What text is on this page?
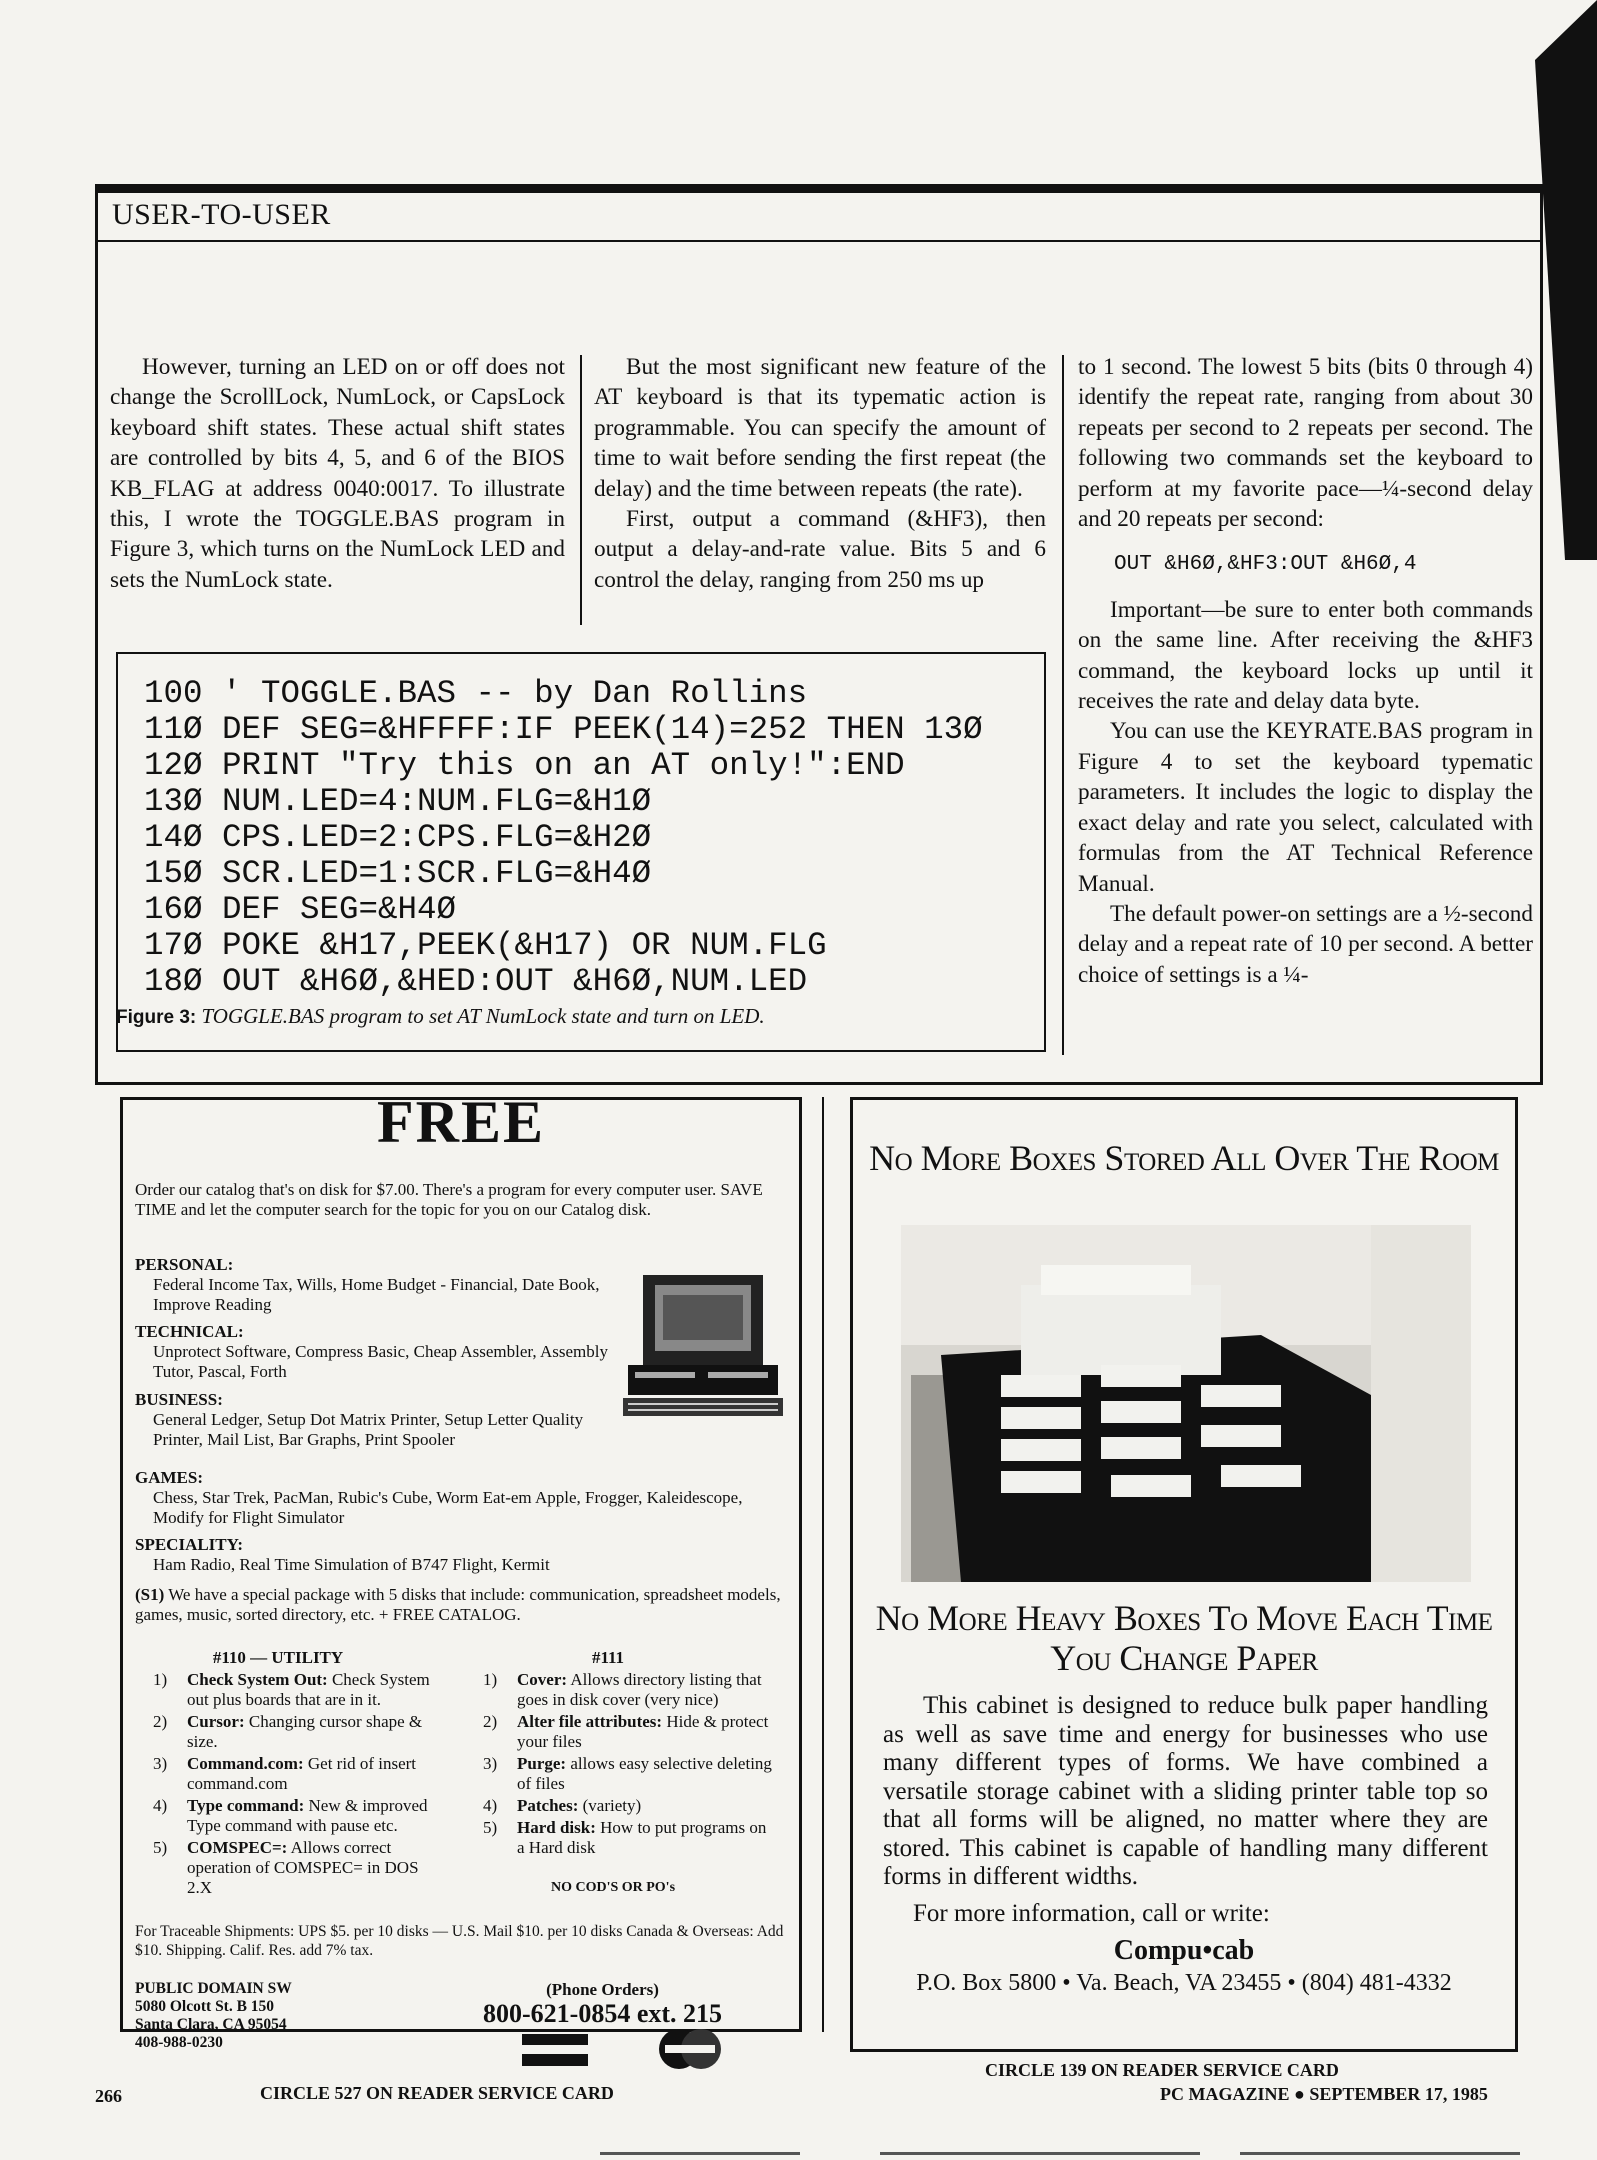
USER-TO-USER

However, turning an LED on or off does not change the ScrollLock, NumLock, or CapsLock keyboard shift states. These actual shift states are controlled by bits 4, 5, and 6 of the BIOS KB_FLAG at address 0040:0017. To illustrate this, I wrote the TOGGLE.BAS program in Figure 3, which turns on the NumLock LED and sets the NumLock state.

But the most significant new feature of the AT keyboard is that its typematic action is programmable. You can specify the amount of time to wait before sending the first repeat (the delay) and the time between repeats (the rate).

First, output a command (&HF3), then output a delay-and-rate value. Bits 5 and 6 control the delay, ranging from 250 ms up

to 1 second. The lowest 5 bits (bits 0 through 4) identify the repeat rate, ranging from about 30 repeats per second to 2 repeats per second. The following two commands set the keyboard to perform at my favorite pace—¼-second delay and 20 repeats per second:

OUT &H6Ø,&HF3:OUT &H6Ø,4

Important—be sure to enter both commands on the same line. After receiving the &HF3 command, the keyboard locks up until it receives the rate and delay data byte.

You can use the KEYRATE.BAS program in Figure 4 to set the keyboard typematic parameters. It includes the logic to display the exact delay and rate you select, calculated with formulas from the AT Technical Reference Manual.

The default power-on settings are a ½-second delay and a repeat rate of 10 per second. A better choice of settings is a ¼-

100 ' TOGGLE.BAS -- by Dan Rollins
11Ø DEF SEG=&HFFFF:IF PEEK(14)=252 THEN 13Ø
12Ø PRINT "Try this on an AT only!":END
13Ø NUM.LED=4:NUM.FLG=&H1Ø
14Ø CPS.LED=2:CPS.FLG=&H2Ø
15Ø SCR.LED=1:SCR.FLG=&H4Ø
16Ø DEF SEG=&H4Ø
17Ø POKE &H17,PEEK(&H17) OR NUM.FLG
18Ø OUT &H6Ø,&HED:OUT &H6Ø,NUM.LED
Figure 3: TOGGLE.BAS program to set AT NumLock state and turn on LED.
FREE
Order our catalog that's on disk for $7.00. There's a program for every computer user. SAVE TIME and let the computer search for the topic for you on our Catalog disk.
PERSONAL:
Federal Income Tax, Wills, Home Budget - Financial, Date Book, Improve Reading
TECHNICAL:
Unprotect Software, Compress Basic, Cheap Assembler, Assembly Tutor, Pascal, Forth
BUSINESS:
General Ledger, Setup Dot Matrix Printer, Setup Letter Quality Printer, Mail List, Bar Graphs, Print Spooler
GAMES:
Chess, Star Trek, PacMan, Rubic's Cube, Worm Eat-em Apple, Frogger, Kaleidescope, Modify for Flight Simulator
SPECIALITY:
Ham Radio, Real Time Simulation of B747 Flight, Kermit
(S1) We have a special package with 5 disks that include: communication, spreadsheet models, games, music, sorted directory, etc. + FREE CATALOG.
#110 — UTILITY
1) Check System Out: Check System out plus boards that are in it.
2) Cursor: Changing cursor shape & size.
3) Command.com: Get rid of insert command.com
4) Type command: New & improved Type command with pause etc.
5) COMSPEC=: Allows correct operation of COMSPEC= in DOS 2.X
#111
1) Cover: Allows directory listing that goes in disk cover (very nice)
2) Alter file attributes: Hide & protect your files
3) Purge: allows easy selective deleting of files
4) Patches: (variety)
5) Hard disk: How to put programs on a Hard disk
NO COD'S OR PO's
For Traceable Shipments: UPS $5. per 10 disks — U.S. Mail $10. per 10 disks Canada & Overseas: Add $10. Shipping. Calif. Res. add 7% tax.
PUBLIC DOMAIN SW
5080 Olcott St. B 150
Santa Clara, CA 95054
408-988-0230
(Phone Orders)
800-621-0854 ext. 215
No More Boxes Stored All Over The Room
No More Heavy Boxes To Move Each Time You Change Paper
This cabinet is designed to reduce bulk paper handling as well as save time and energy for businesses who use many different types of forms. We have combined a versatile storage cabinet with a sliding printer table top so that all forms will be aligned, no matter where they are stored. This cabinet is capable of handling many different forms in different widths.
For more information, call or write:
Compu•cab
P.O. Box 5800 • Va. Beach, VA 23455 • (804) 481-4332
266	CIRCLE 527 ON READER SERVICE CARD
CIRCLE 139 ON READER SERVICE CARD
PC MAGAZINE ● SEPTEMBER 17, 1985
